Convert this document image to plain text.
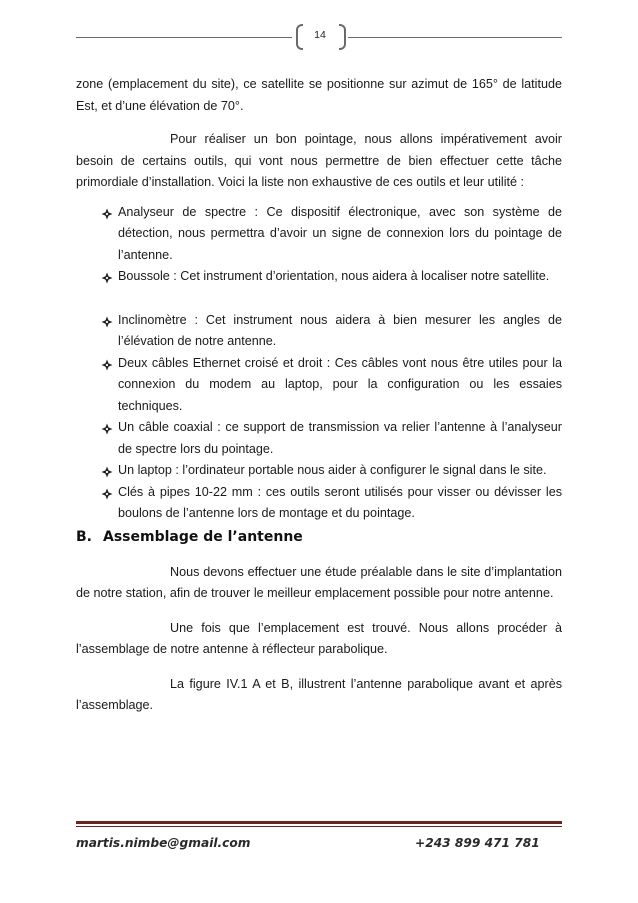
14

zone (emplacement du site), ce satellite se positionne sur azimut de 165° de latitude Est, et d’une élévation de 70°.

Pour réaliser un bon pointage, nous allons impérativement avoir besoin de certains outils, qui vont nous permettre de bien effectuer cette tâche primordiale d’installation. Voici la liste non exhaustive de ces outils et leur utilité :

Analyseur de spectre : Ce dispositif électronique, avec son système de détection, nous permettra d’avoir un signe de connexion lors du pointage de l’antenne.
Boussole : Cet instrument d’orientation, nous aidera à localiser notre satellite.
Inclinomètre : Cet instrument nous aidera à bien mesurer les angles de l’élévation de notre antenne.
Deux câbles Ethernet croisé et droit : Ces câbles vont nous être utiles pour la connexion du modem au laptop, pour la configuration ou les essaies techniques.
Un câble coaxial : ce support de transmission va relier l’antenne à l’analyseur de spectre lors du pointage.
Un laptop : l’ordinateur portable nous aider à configurer le signal dans le site.
Clés à pipes 10-22 mm : ces outils seront utilisés pour visser ou dévisser les boulons de l’antenne lors de montage et du pointage.
B. Assemblage de l’antenne

Nous devons effectuer une étude préalable dans le site d’implantation de notre station, afin de trouver le meilleur emplacement possible pour notre antenne.

Une fois que l’emplacement est trouvé. Nous allons procéder à l’assemblage de notre antenne à réflecteur parabolique.

La figure IV.1 A et B, illustrent l’antenne parabolique avant et après l’assemblage.

martis.nimbe@gmail.com	+243 899 471 781
